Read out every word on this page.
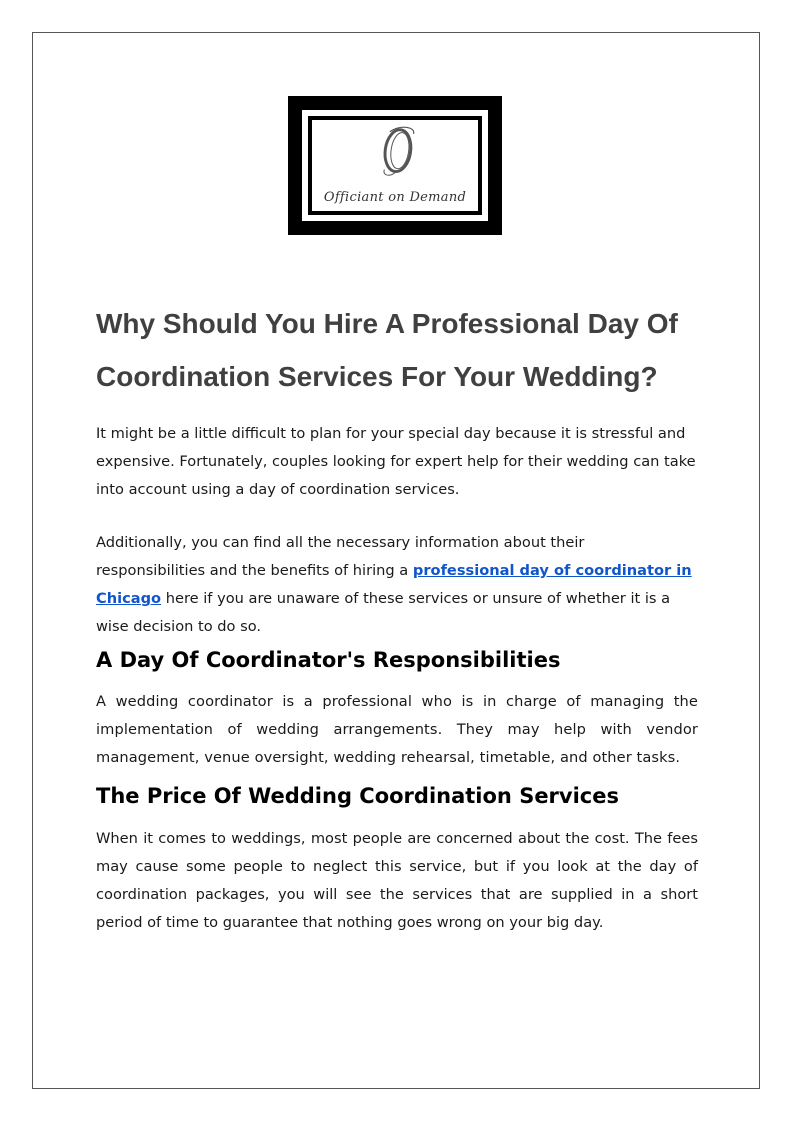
Officiant on Demand
Why Should You Hire A Professional Day Of Coordination Services For Your Wedding?

It might be a little difficult to plan for your special day because it is stressful and expensive. Fortunately, couples looking for expert help for their wedding can take into account using a day of coordination services.

Additionally, you can find all the necessary information about their responsibilities and the benefits of hiring a professional day of coordinator in Chicago here if you are unaware of these services or unsure of whether it is a wise decision to do so.

A Day Of Coordinator's Responsibilities

A wedding coordinator is a professional who is in charge of managing the implementation of wedding arrangements. They may help with vendor management, venue oversight, wedding rehearsal, timetable, and other tasks.

The Price Of Wedding Coordination Services

When it comes to weddings, most people are concerned about the cost. The fees may cause some people to neglect this service, but if you look at the day of coordination packages, you will see the services that are supplied in a short period of time to guarantee that nothing goes wrong on your big day.
